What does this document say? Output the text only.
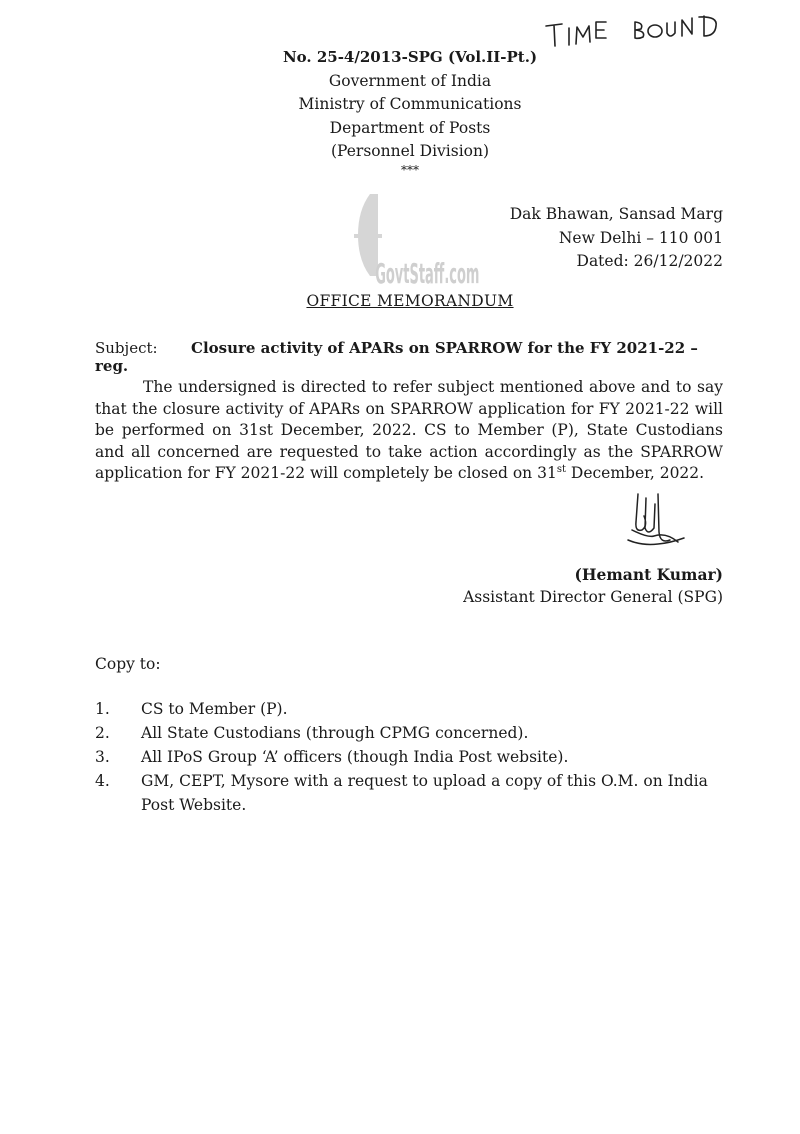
No. 25-4/2013-SPG (Vol.II-Pt.)
Government of India
Ministry of Communications
Department of Posts
(Personnel Division)
***
GovtStaff.com
Dak Bhawan, Sansad Marg
New Delhi – 110 001
Dated: 26/12/2022
OFFICE MEMORANDUM
Subject: Closure activity of APARs on SPARROW for the FY 2021-22 – reg.
The undersigned is directed to refer subject mentioned above and to say that the closure activity of APARs on SPARROW application for FY 2021-22 will be performed on 31st December, 2022. CS to Member (P), State Custodians and all concerned are requested to take action accordingly as the SPARROW application for FY 2021-22 will completely be closed on 31st December, 2022.
(Hemant Kumar)
Assistant Director General (SPG)
Copy to:
1.	CS to Member (P).
2.	All State Custodians (through CPMG concerned).
3.	All IPoS Group ‘A’ officers (though India Post website).
4.	GM, CEPT, Mysore with a request to upload a copy of this O.M. on India Post Website.
